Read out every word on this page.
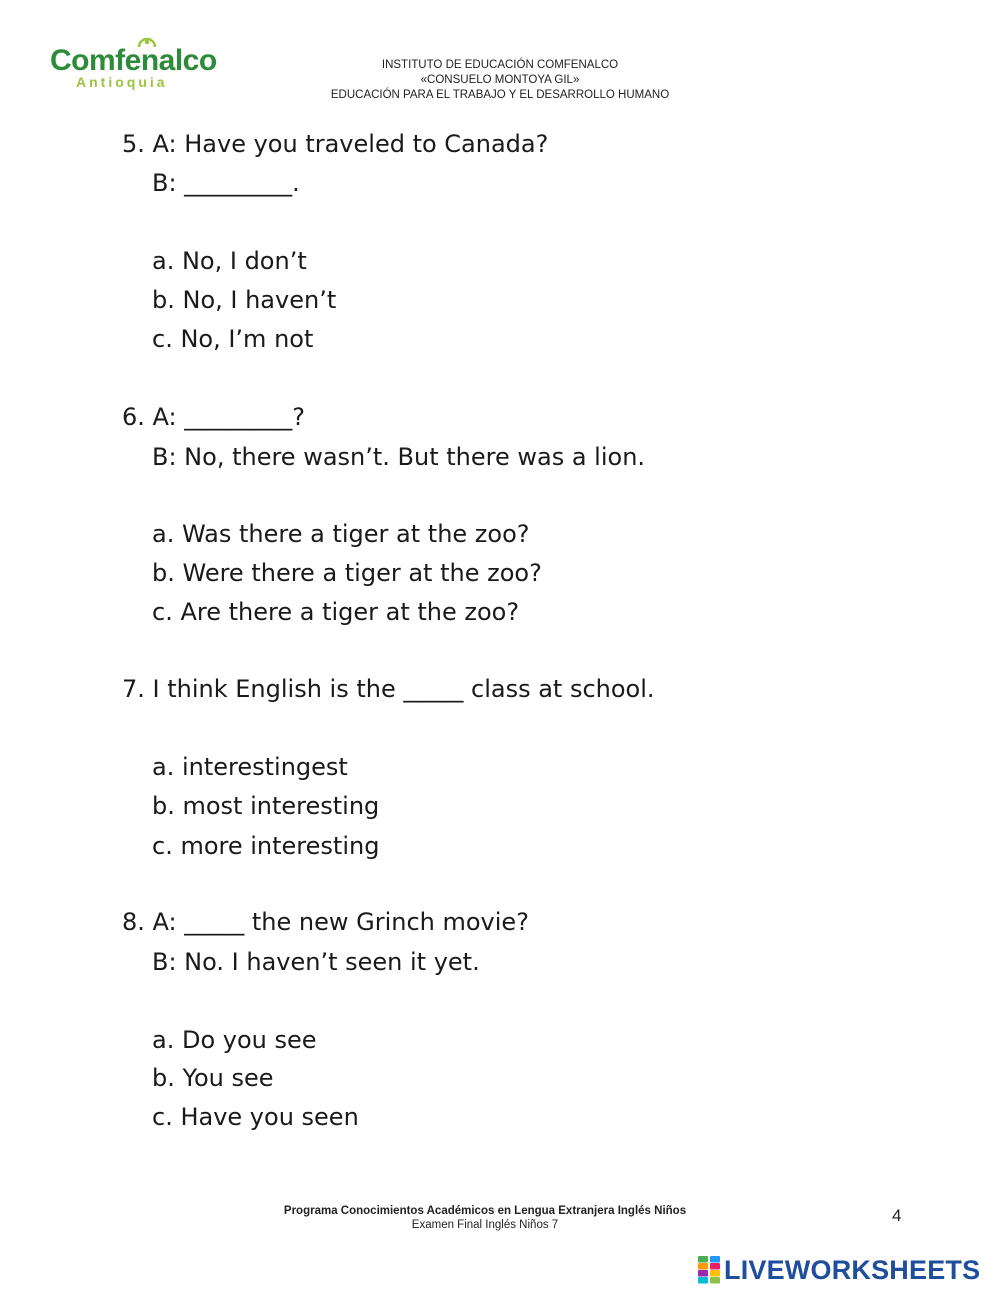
Comfenalco
Antioquia
INSTITUTO DE EDUCACIÓN COMFENALCO
«CONSUELO MONTOYA GIL»
EDUCACIÓN PARA EL TRABAJO Y EL DESARROLLO HUMANO
5. A: Have you traveled to Canada?
B: _________.
a. No, I don’t
b. No, I haven’t
c. No, I’m not
6. A: _________?
B: No, there wasn’t. But there was a lion.
a. Was there a tiger at the zoo?
b. Were there a tiger at the zoo?
c. Are there a tiger at the zoo?
7. I think English is the _____ class at school.
a. interestingest
b. most interesting
c. more interesting
8. A: _____ the new Grinch movie?
B: No. I haven’t seen it yet.
a. Do you see
b. You see
c. Have you seen
Programa Conocimientos Académicos en Lengua Extranjera Inglés Niños
Examen Final Inglés Niños 7	4
LIVEWORKSHEETS
